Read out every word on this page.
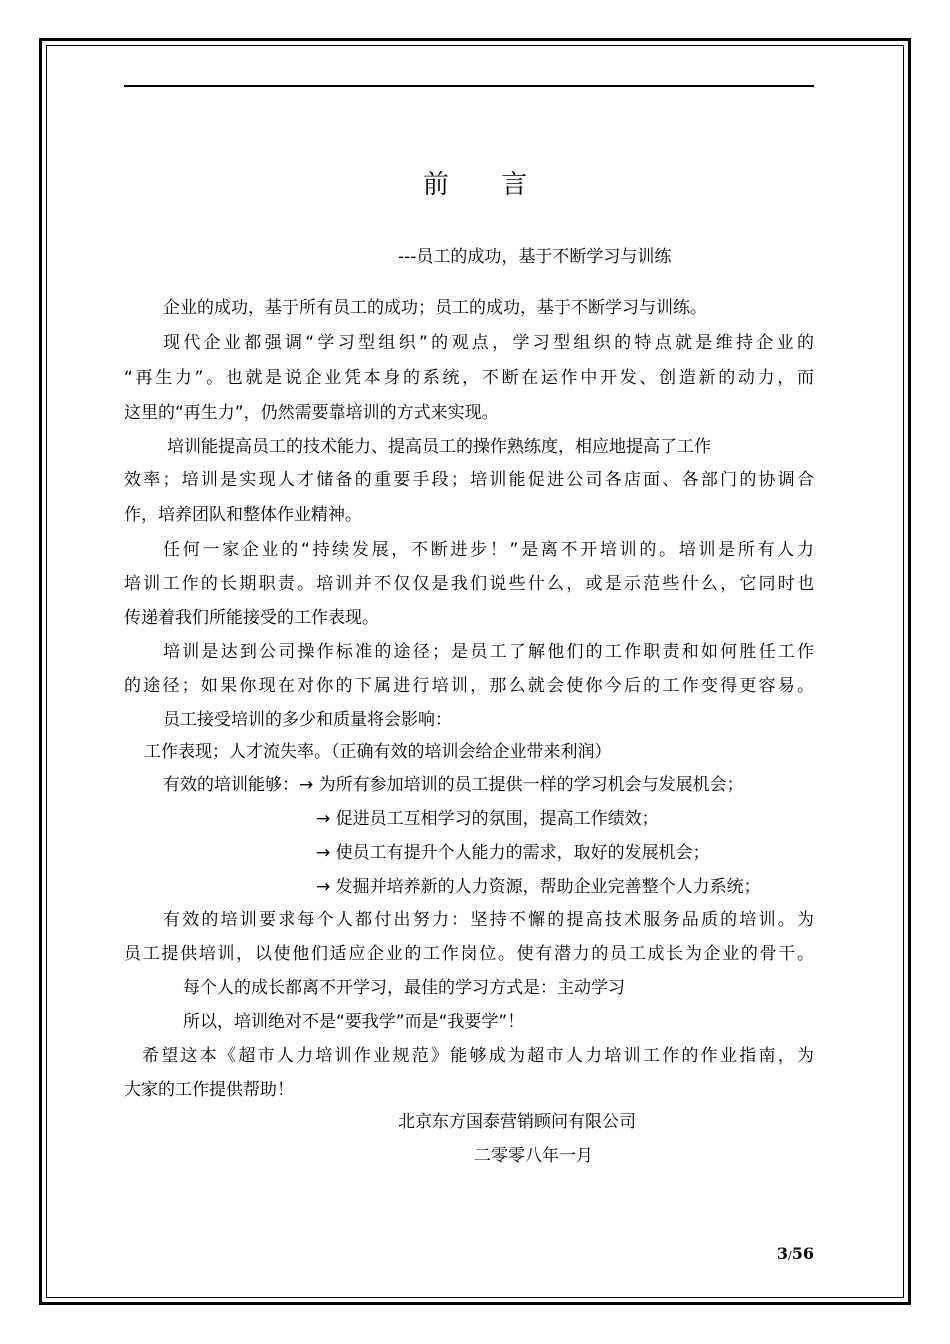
前 言
---员工的成功，基于不断学习与训练
企业的成功，基于所有员工的成功；员工的成功，基于不断学习与训练。
现代企业都强调“学习型组织”的观点，学习型组织的特点就是维持企业的
“再生力”。也就是说企业凭本身的系统，不断在运作中开发、创造新的动力，而
这里的“再生力”，仍然需要靠培训的方式来实现。
培训能提高员工的技术能力、提高员工的操作熟练度，相应地提高了工作
效率；培训是实现人才储备的重要手段；培训能促进公司各店面、各部门的协调合
作，培养团队和整体作业精神。
任何一家企业的“持续发展，不断进步！”是离不开培训的。培训是所有人力
培训工作的长期职责。培训并不仅仅是我们说些什么，或是示范些什么，它同时也
传递着我们所能接受的工作表现。
培训是达到公司操作标准的途径；是员工了解他们的工作职责和如何胜任工作
的途径；如果你现在对你的下属进行培训，那么就会使你今后的工作变得更容易。
员工接受培训的多少和质量将会影响：
工作表现；人才流失率。（正确有效的培训会给企业带来利润）
有效的培训能够：→ 为所有参加培训的员工提供一样的学习机会与发展机会；
→ 促进员工互相学习的氛围，提高工作绩效；
→ 使员工有提升个人能力的需求，取好的发展机会；
→ 发掘并培养新的人力资源，帮助企业完善整个人力系统；
有效的培训要求每个人都付出努力：坚持不懈的提高技术服务品质的培训。为
员工提供培训，以使他们适应企业的工作岗位。使有潜力的员工成长为企业的骨干。
每个人的成长都离不开学习，最佳的学习方式是：主动学习
所以，培训绝对不是“要我学”而是“我要学”！
希望这本《超市人力培训作业规范》能够成为超市人力培训工作的作业指南，为
大家的工作提供帮助！
北京东方国泰营销顾问有限公司
二零零八年一月
3/56
